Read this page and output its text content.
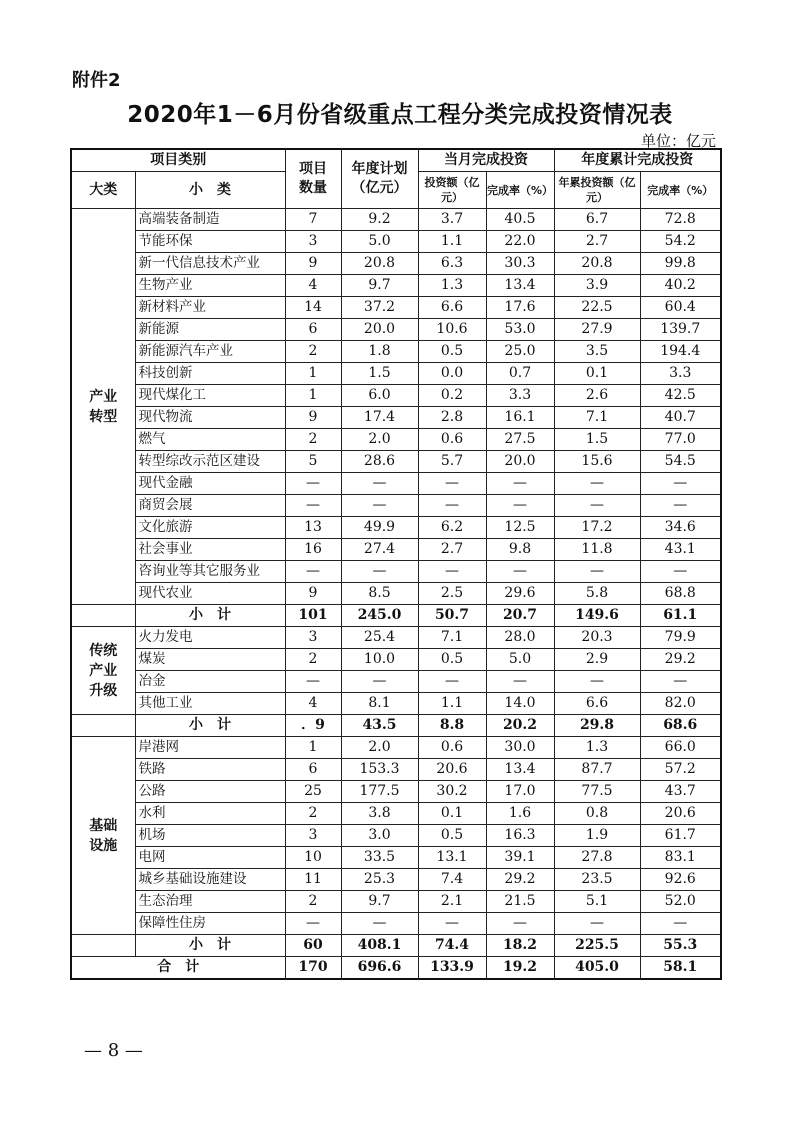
附件2
2020年1－6月份省级重点工程分类完成投资情况表
单位：亿元
项目类别		项目数量	年度计划（亿元）	当月完成投资		年度累计完成投资	
大类	小　类			投资额（亿元）	完成率（%）	年累投资额（亿元）	完成率（%）
产业转型	高端装备制造	7	9.2	3.7	40.5	6.7	72.8
	节能环保	3	5.0	1.1	22.0	2.7	54.2
	新一代信息技术产业	9	20.8	6.3	30.3	20.8	99.8
	生物产业	4	9.7	1.3	13.4	3.9	40.2
	新材料产业	14	37.2	6.6	17.6	22.5	60.4
	新能源	6	20.0	10.6	53.0	27.9	139.7
	新能源汽车产业	2	1.8	0.5	25.0	3.5	194.4
	科技创新	1	1.5	0.0	0.7	0.1	3.3
	现代煤化工	1	6.0	0.2	3.3	2.6	42.5
	现代物流	9	17.4	2.8	16.1	7.1	40.7
	燃气	2	2.0	0.6	27.5	1.5	77.0
	转型综改示范区建设	5	28.6	5.7	20.0	15.6	54.5
	现代金融	—	—	—	—	—	—
	商贸会展	—	—	—	—	—	—
	文化旅游	13	49.9	6.2	12.5	17.2	34.6
	社会事业	16	27.4	2.7	9.8	11.8	43.1
	咨询业等其它服务业	—	—	—	—	—	—
	现代农业	9	8.5	2.5	29.6	5.8	68.8
	小　计	101	245.0	50.7	20.7	149.6	61.1
传统产业升级	火力发电	3	25.4	7.1	28.0	20.3	79.9
	煤炭	2	10.0	0.5	5.0	2.9	29.2
	冶金	—	—	—	—	—	—
	其他工业	4	8.1	1.1	14.0	6.6	82.0
	小　计	．9	43.5	8.8	20.2	29.8	68.6
基础设施	岸港网	1	2.0	0.6	30.0	1.3	66.0
	铁路	6	153.3	20.6	13.4	87.7	57.2
	公路	25	177.5	30.2	17.0	77.5	43.7
	水利	2	3.8	0.1	1.6	0.8	20.6
	机场	3	3.0	0.5	16.3	1.9	61.7
	电网	10	33.5	13.1	39.1	27.8	83.1
	城乡基础设施建设	11	25.3	7.4	29.2	23.5	92.6
	生态治理	2	9.7	2.1	21.5	5.1	52.0
	保障性住房	—	—	—	—	—	—
	小　计	60	408.1	74.4	18.2	225.5	55.3
合　计		170	696.6	133.9	19.2	405.0	58.1
— 8 —
